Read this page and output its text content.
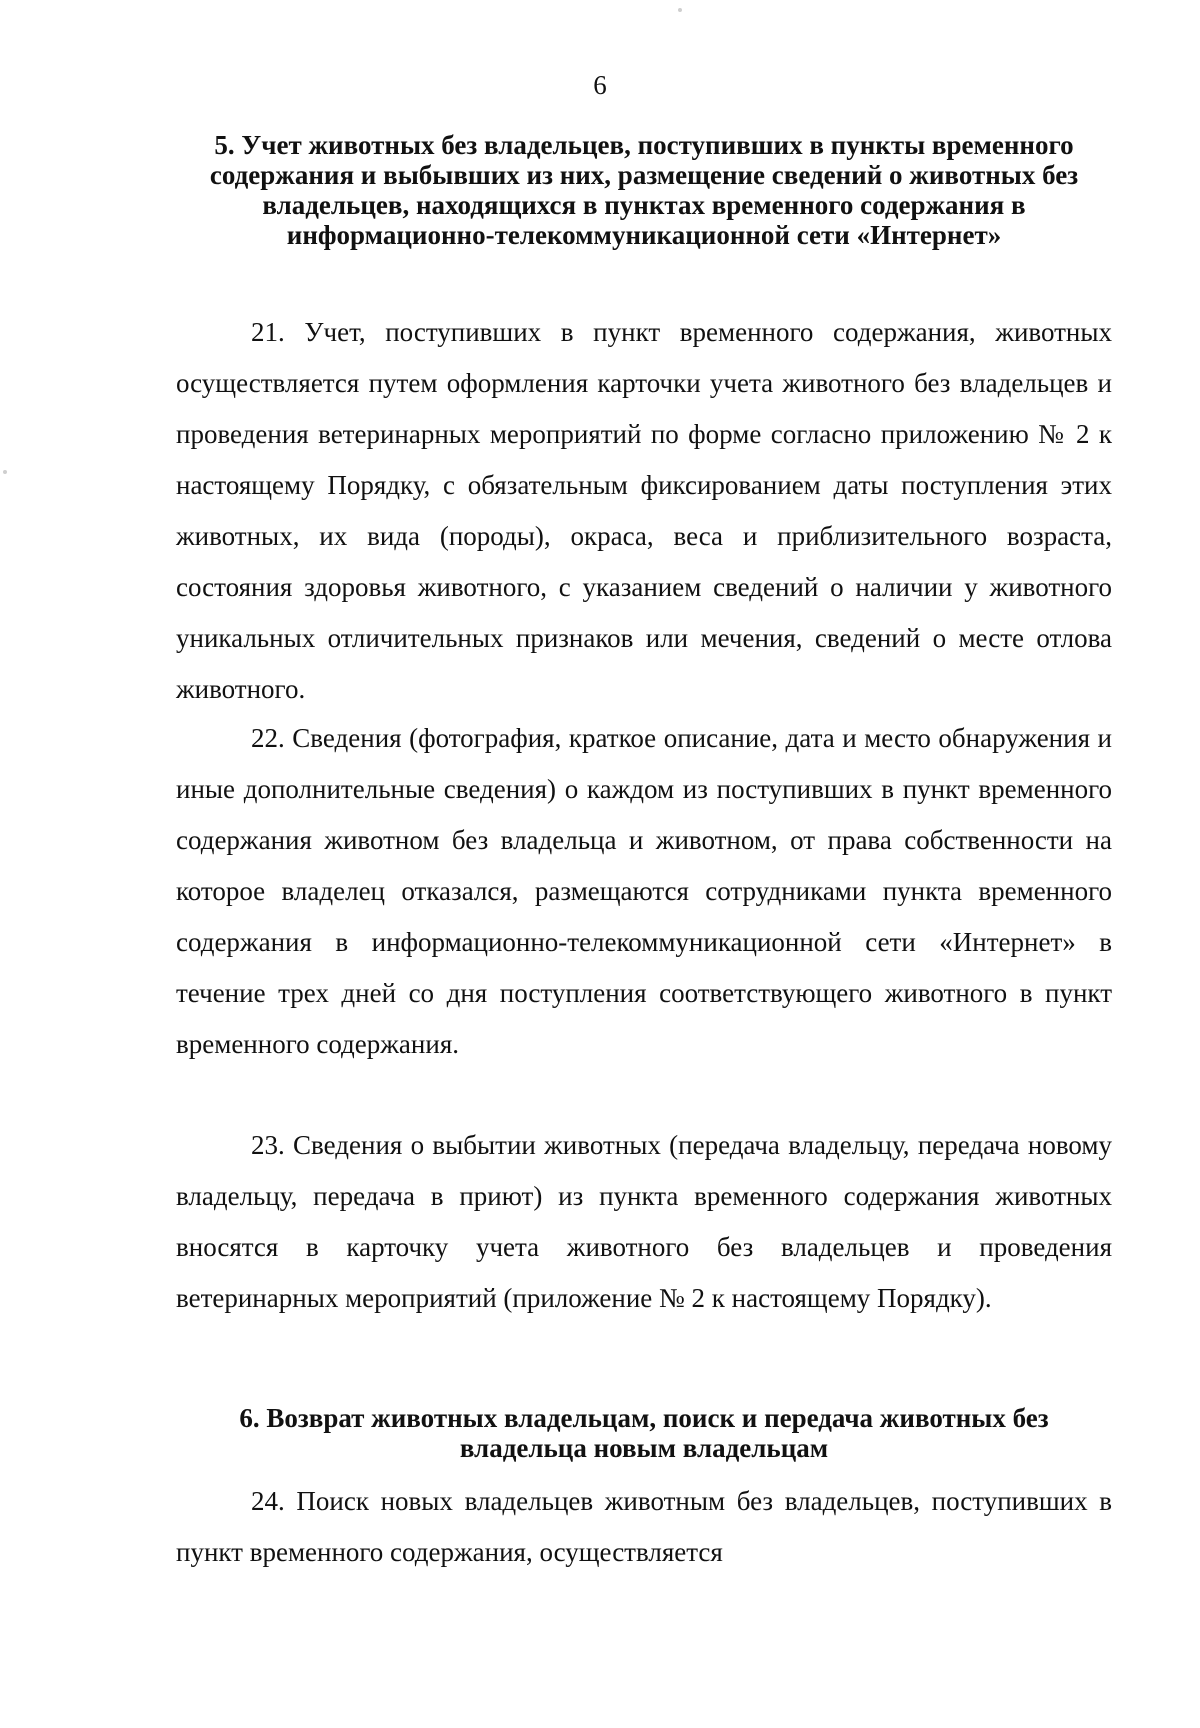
6
5. Учет животных без владельцев, поступивших в пункты временного содержания и выбывших из них, размещение сведений о животных без владельцев, находящихся в пунктах временного содержания в информационно-телекоммуникационной сети «Интернет»

21. Учет, поступивших в пункт временного содержания, животных осуществляется путем оформления карточки учета животного без владельцев и проведения ветеринарных мероприятий по форме согласно приложению № 2 к настоящему Порядку, с обязательным фиксированием даты поступления этих животных, их вида (породы), окраса, веса и приблизительного возраста, состояния здоровья животного, с указанием сведений о наличии у животного уникальных отличительных признаков или мечения, сведений о месте отлова животного.

22. Сведения (фотография, краткое описание, дата и место обнаружения и иные дополнительные сведения) о каждом из поступивших в пункт временного содержания животном без владельца и животном, от права собственности на которое владелец отказался, размещаются сотрудниками пункта временного содержания в информационно-телекоммуникационной сети «Интернет» в течение трех дней со дня поступления соответствующего животного в пункт временного содержания.

23. Сведения о выбытии животных (передача владельцу, передача новому владельцу, передача в приют) из пункта временного содержания животных вносятся в карточку учета животного без владельцев и проведения ветеринарных мероприятий (приложение № 2 к настоящему Порядку).

6. Возврат животных владельцам, поиск и передача животных без владельца новым владельцам

24. Поиск новых владельцев животным без владельцев, поступивших в пункт временного содержания, осуществляется
